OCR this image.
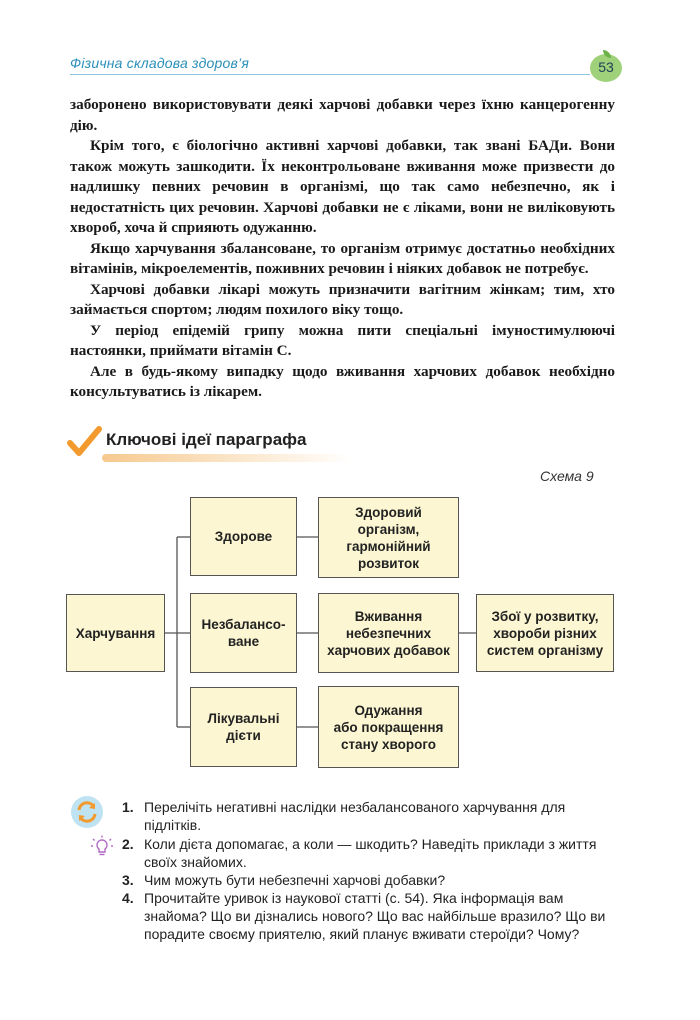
Фізична складова здоров’я	53

заборонено використовувати деякі харчові добавки через їхню канцерогенну дію.

Крім того, є біологічно активні харчові добавки, так звані БАДи. Вони також можуть зашкодити. Їх неконтрольоване вживання може призвести до надлишку певних речовин в організмі, що так само небезпечно, як і недостатність цих речовин. Харчові добавки не є ліками, вони не виліковують хвороб, хоча й сприяють одужанню.

Якщо харчування збалансоване, то організм отримує достатньо необхідних вітамінів, мікроелементів, поживних речовин і ніяких добавок не потребує.

Харчові добавки лікарі можуть призначити вагітним жінкам; тим, хто займається спортом; людям похилого віку тощо.

У період епідемій грипу можна пити спеціальні імуностимулюючі настоянки, приймати вітамін С.

Але в будь-якому випадку щодо вживання харчових добавок необхідно консультуватись із лікарем.

Ключові ідеї параграфа
Схема 9
Харчування
Здорове
Незбалансо-
ване
Лікувальні
дієти
Здоровий
організм,
гармонійний
розвиток
Вживання
небезпечних
харчових добавок
Одужання
або покращення
стану хворого
Збої у розвитку,
хвороби різних
систем організму
1. Перелічіть негативні наслідки незбалансованого харчування для підлітків.
2. Коли дієта допомагає, а коли — шкодить? Наведіть приклади з життя своїх знайомих.
3. Чим можуть бути небезпечні харчові добавки?
4. Прочитайте уривок із наукової статті (с. 54). Яка інформація вам знайома? Що ви дізнались нового? Що вас найбільше вразило? Що ви порадите своєму приятелю, який планує вживати стероїди? Чому?
